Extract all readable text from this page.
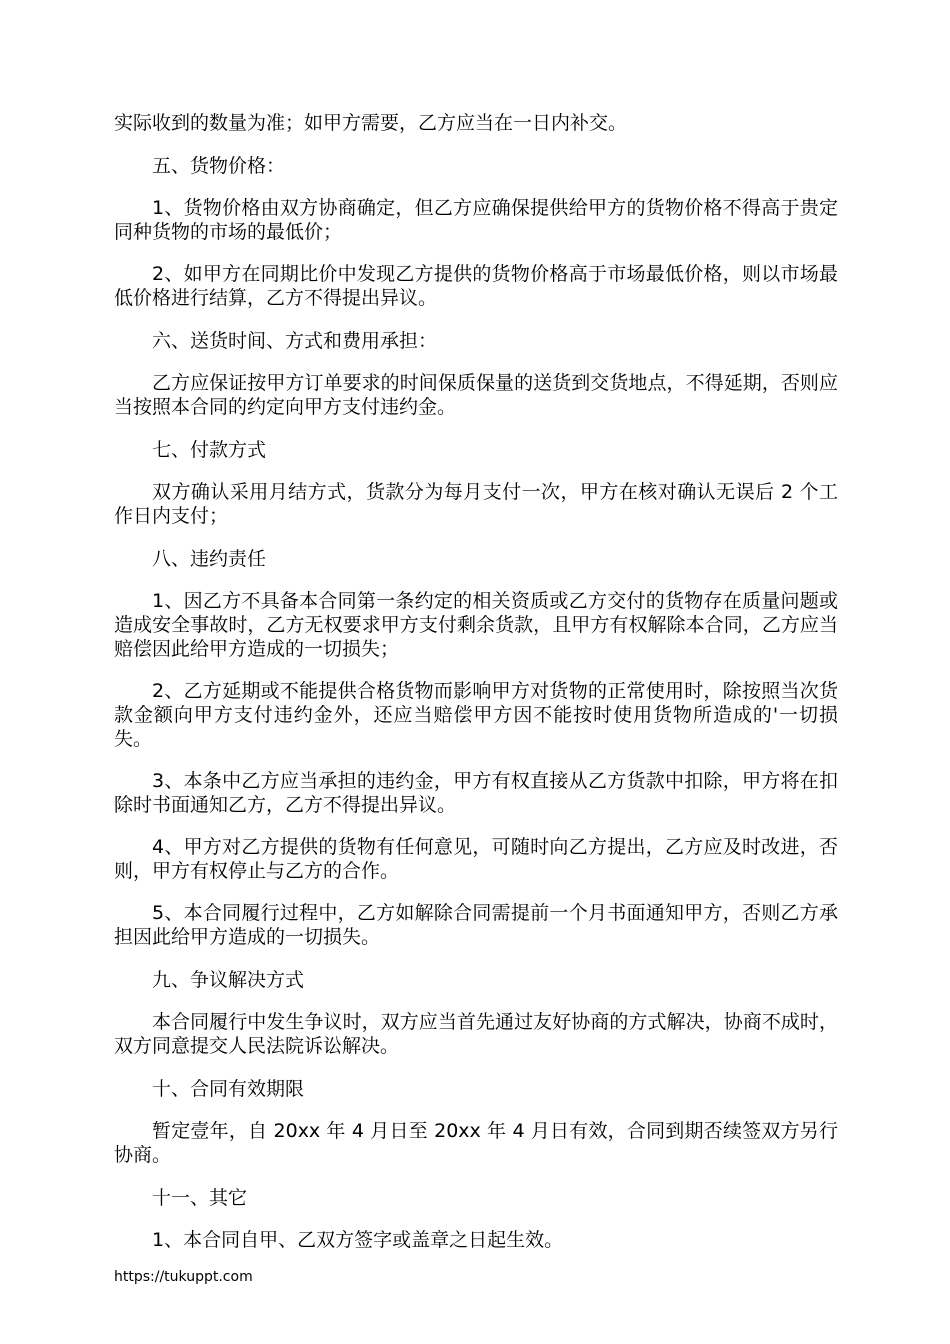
实际收到的数量为准；如甲方需要，乙方应当在一日内补交。

五、货物价格：

1、货物价格由双方协商确定，但乙方应确保提供给甲方的货物价格不得高于贵定同种货物的市场的最低价；

2、如甲方在同期比价中发现乙方提供的货物价格高于市场最低价格，则以市场最低价格进行结算，乙方不得提出异议。

六、送货时间、方式和费用承担：

乙方应保证按甲方订单要求的时间保质保量的送货到交货地点，不得延期，否则应当按照本合同的约定向甲方支付违约金。

七、付款方式

双方确认采用月结方式，货款分为每月支付一次，甲方在核对确认无误后 2 个工作日内支付；

八、违约责任

1、因乙方不具备本合同第一条约定的相关资质或乙方交付的货物存在质量问题或造成安全事故时，乙方无权要求甲方支付剩余货款，且甲方有权解除本合同，乙方应当赔偿因此给甲方造成的一切损失；

2、乙方延期或不能提供合格货物而影响甲方对货物的正常使用时，除按照当次货款金额向甲方支付违约金外，还应当赔偿甲方因不能按时使用货物所造成的'一切损失。

3、本条中乙方应当承担的违约金，甲方有权直接从乙方货款中扣除，甲方将在扣除时书面通知乙方，乙方不得提出异议。

4、甲方对乙方提供的货物有任何意见，可随时向乙方提出，乙方应及时改进，否则，甲方有权停止与乙方的合作。

5、本合同履行过程中，乙方如解除合同需提前一个月书面通知甲方，否则乙方承担因此给甲方造成的一切损失。

九、争议解决方式

本合同履行中发生争议时，双方应当首先通过友好协商的方式解决，协商不成时，双方同意提交人民法院诉讼解决。

十、合同有效期限

暂定壹年，自 20xx 年 4 月日至 20xx 年 4 月日有效，合同到期否续签双方另行协商。

十一、其它

1、本合同自甲、乙双方签字或盖章之日起生效。

https://tukuppt.com
